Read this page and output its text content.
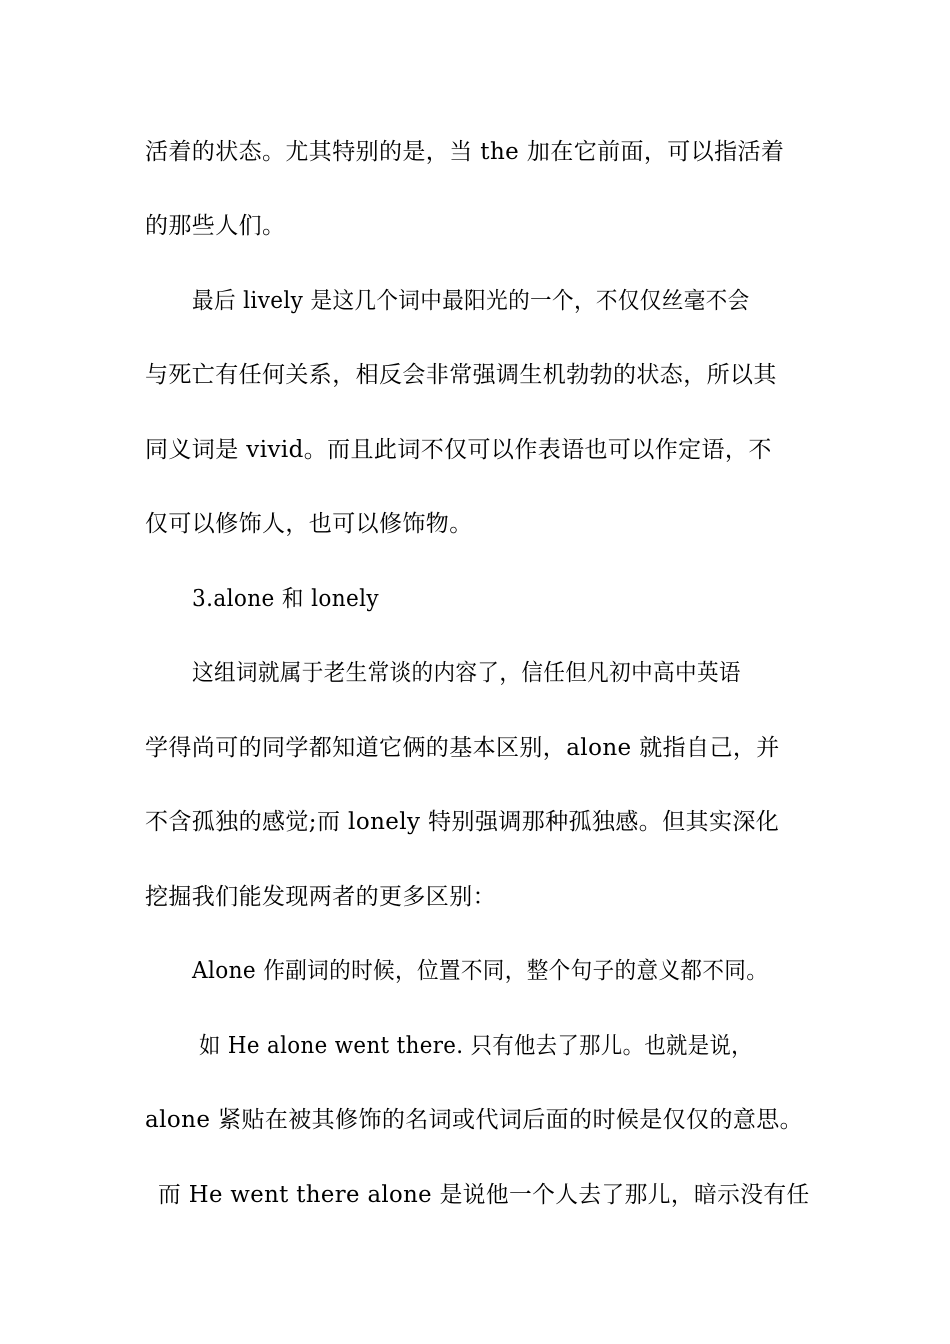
活着的状态。尤其特别的是，当 the 加在它前面，可以指活着
的那些人们。
最后 lively 是这几个词中最阳光的一个，不仅仅丝毫不会
与死亡有任何关系，相反会非常强调生机勃勃的状态，所以其
同义词是 vivid。而且此词不仅可以作表语也可以作定语，不
仅可以修饰人，也可以修饰物。
3.alone 和 lonely
这组词就属于老生常谈的内容了，信任但凡初中高中英语
学得尚可的同学都知道它俩的基本区别，alone 就指自己，并
不含孤独的感觉;而 lonely 特别强调那种孤独感。但其实深化
挖掘我们能发现两者的更多区别：
Alone 作副词的时候，位置不同，整个句子的意义都不同。
如 He alone went there. 只有他去了那儿。也就是说，
alone 紧贴在被其修饰的名词或代词后面的时候是仅仅的意思。
而 He went there alone 是说他一个人去了那儿，暗示没有任
